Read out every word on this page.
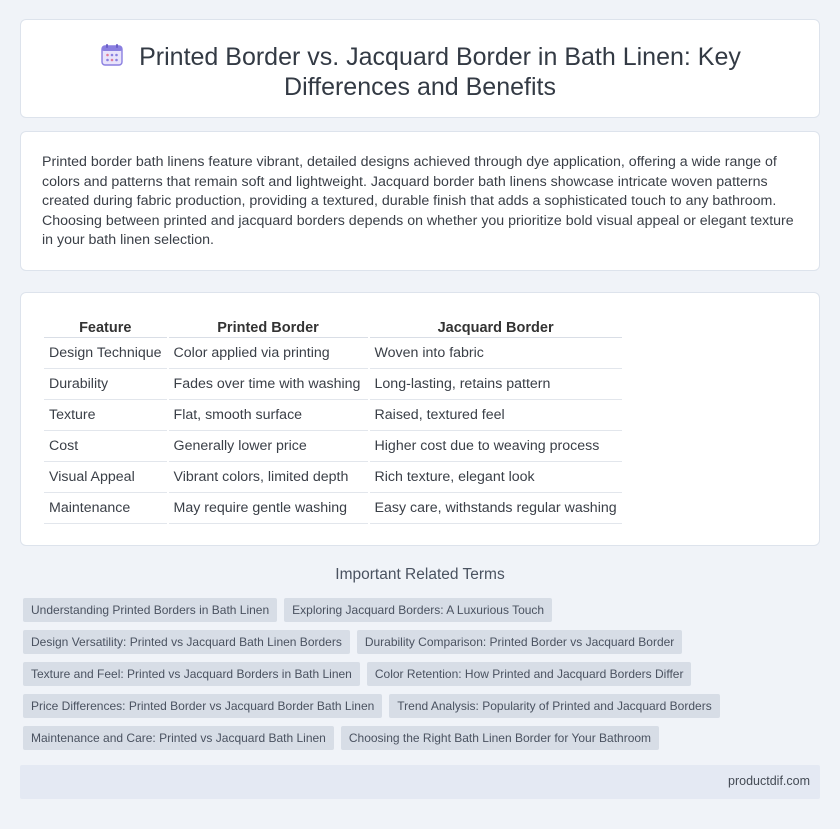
Printed Border vs. Jacquard Border in Bath Linen: Key Differences and Benefits

Printed border bath linens feature vibrant, detailed designs achieved through dye application, offering a wide range of colors and patterns that remain soft and lightweight. Jacquard border bath linens showcase intricate woven patterns created during fabric production, providing a textured, durable finish that adds a sophisticated touch to any bathroom. Choosing between printed and jacquard borders depends on whether you prioritize bold visual appeal or elegant texture in your bath linen selection.

Feature	Printed Border	Jacquard Border
Design Technique	Color applied via printing	Woven into fabric
Durability	Fades over time with washing	Long-lasting, retains pattern
Texture	Flat, smooth surface	Raised, textured feel
Cost	Generally lower price	Higher cost due to weaving process
Visual Appeal	Vibrant colors, limited depth	Rich texture, elegant look
Maintenance	May require gentle washing	Easy care, withstands regular washing
Important Related Terms
Understanding Printed Borders in Bath Linen	Exploring Jacquard Borders: A Luxurious Touch
Design Versatility: Printed vs Jacquard Bath Linen Borders	Durability Comparison: Printed Border vs Jacquard Border
Texture and Feel: Printed vs Jacquard Borders in Bath Linen	Color Retention: How Printed and Jacquard Borders Differ
Price Differences: Printed Border vs Jacquard Border Bath Linen	Trend Analysis: Popularity of Printed and Jacquard Borders
Maintenance and Care: Printed vs Jacquard Bath Linen	Choosing the Right Bath Linen Border for Your Bathroom
productdif.com
